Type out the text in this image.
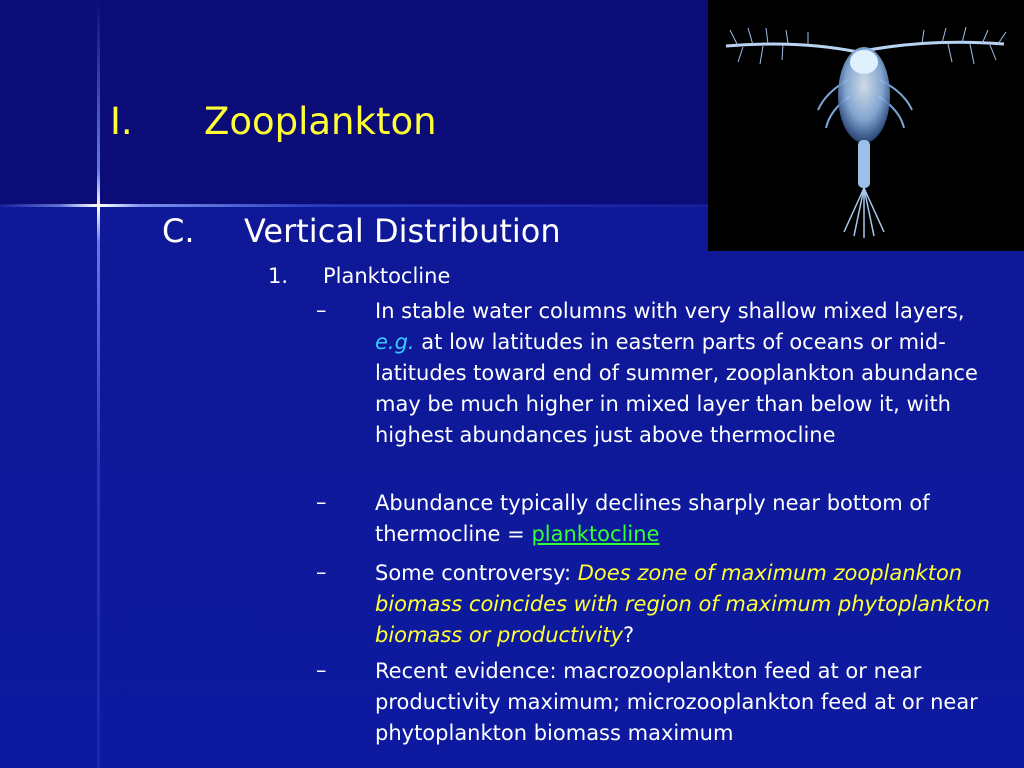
I. Zooplankton
C. Vertical Distribution
1. Planktocline
– In stable water columns with very shallow mixed layers, e.g. at low latitudes in eastern parts of oceans or mid-latitudes toward end of summer, zooplankton abundance may be much higher in mixed layer than below it, with highest abundances just above thermocline
– Abundance typically declines sharply near bottom of thermocline = planktocline
– Some controversy: Does zone of maximum zooplankton biomass coincides with region of maximum phytoplankton biomass or productivity?
– Recent evidence: macrozooplankton feed at or near productivity maximum; microzooplankton feed at or near phytoplankton biomass maximum
